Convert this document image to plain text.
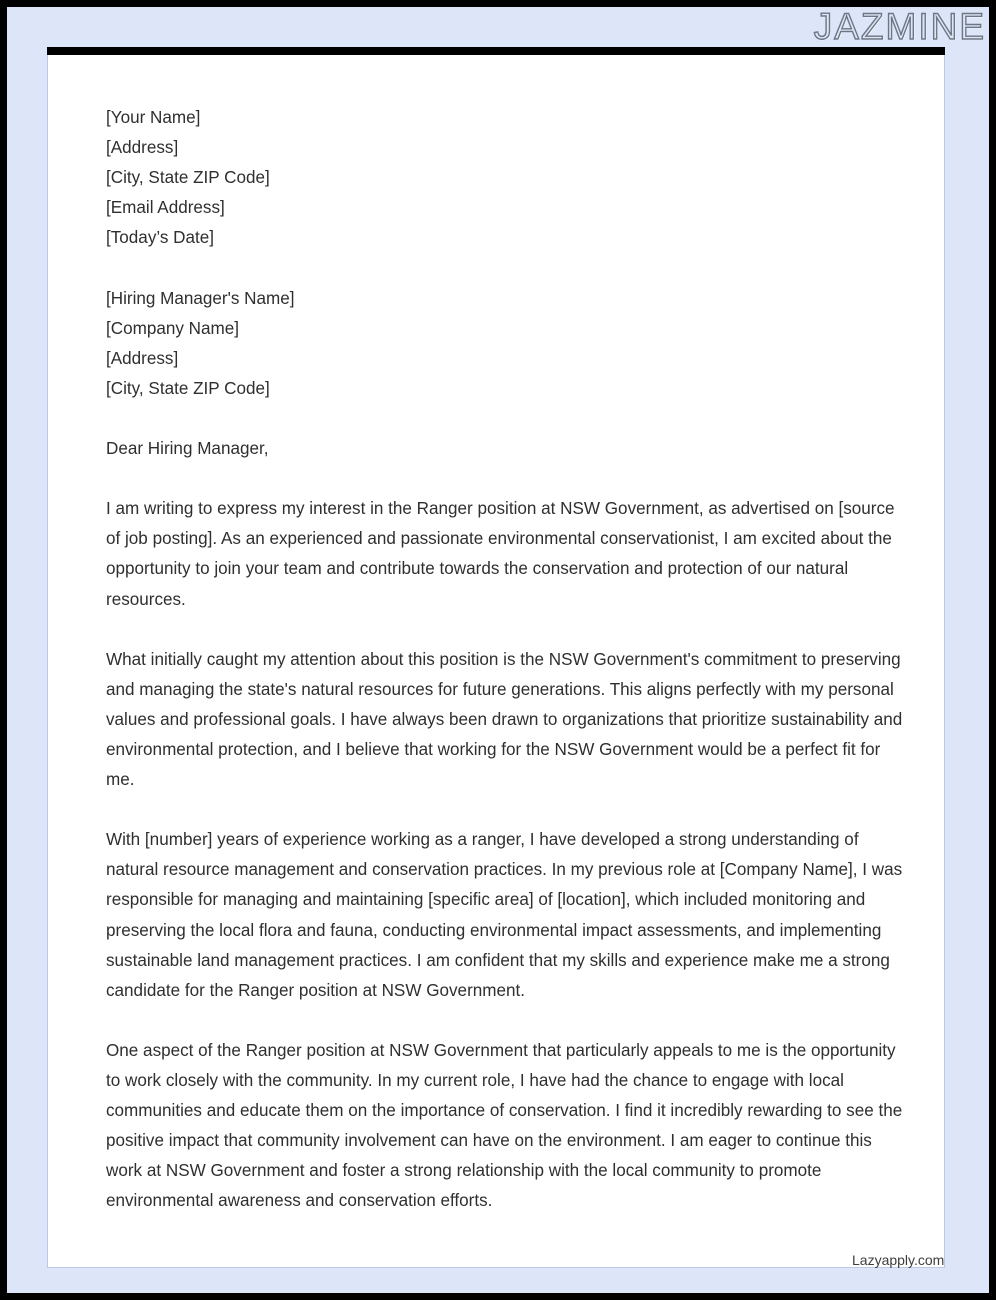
JAZMINE

[Your Name]
[Address]
[City, State ZIP Code]
[Email Address]
[Today’s Date]

[Hiring Manager's Name]
[Company Name]
[Address]
[City, State ZIP Code]

Dear Hiring Manager,

I am writing to express my interest in the Ranger position at NSW Government, as advertised on [source of job posting]. As an experienced and passionate environmental conservationist, I am excited about the opportunity to join your team and contribute towards the conservation and protection of our natural resources.

What initially caught my attention about this position is the NSW Government's commitment to preserving and managing the state's natural resources for future generations. This aligns perfectly with my personal values and professional goals. I have always been drawn to organizations that prioritize sustainability and environmental protection, and I believe that working for the NSW Government would be a perfect fit for me.

With [number] years of experience working as a ranger, I have developed a strong understanding of natural resource management and conservation practices. In my previous role at [Company Name], I was responsible for managing and maintaining [specific area] of [location], which included monitoring and preserving the local flora and fauna, conducting environmental impact assessments, and implementing sustainable land management practices. I am confident that my skills and experience make me a strong candidate for the Ranger position at NSW Government.

One aspect of the Ranger position at NSW Government that particularly appeals to me is the opportunity to work closely with the community. In my current role, I have had the chance to engage with local communities and educate them on the importance of conservation. I find it incredibly rewarding to see the positive impact that community involvement can have on the environment. I am eager to continue this work at NSW Government and foster a strong relationship with the local community to promote environmental awareness and conservation efforts.

Lazyapply.com
